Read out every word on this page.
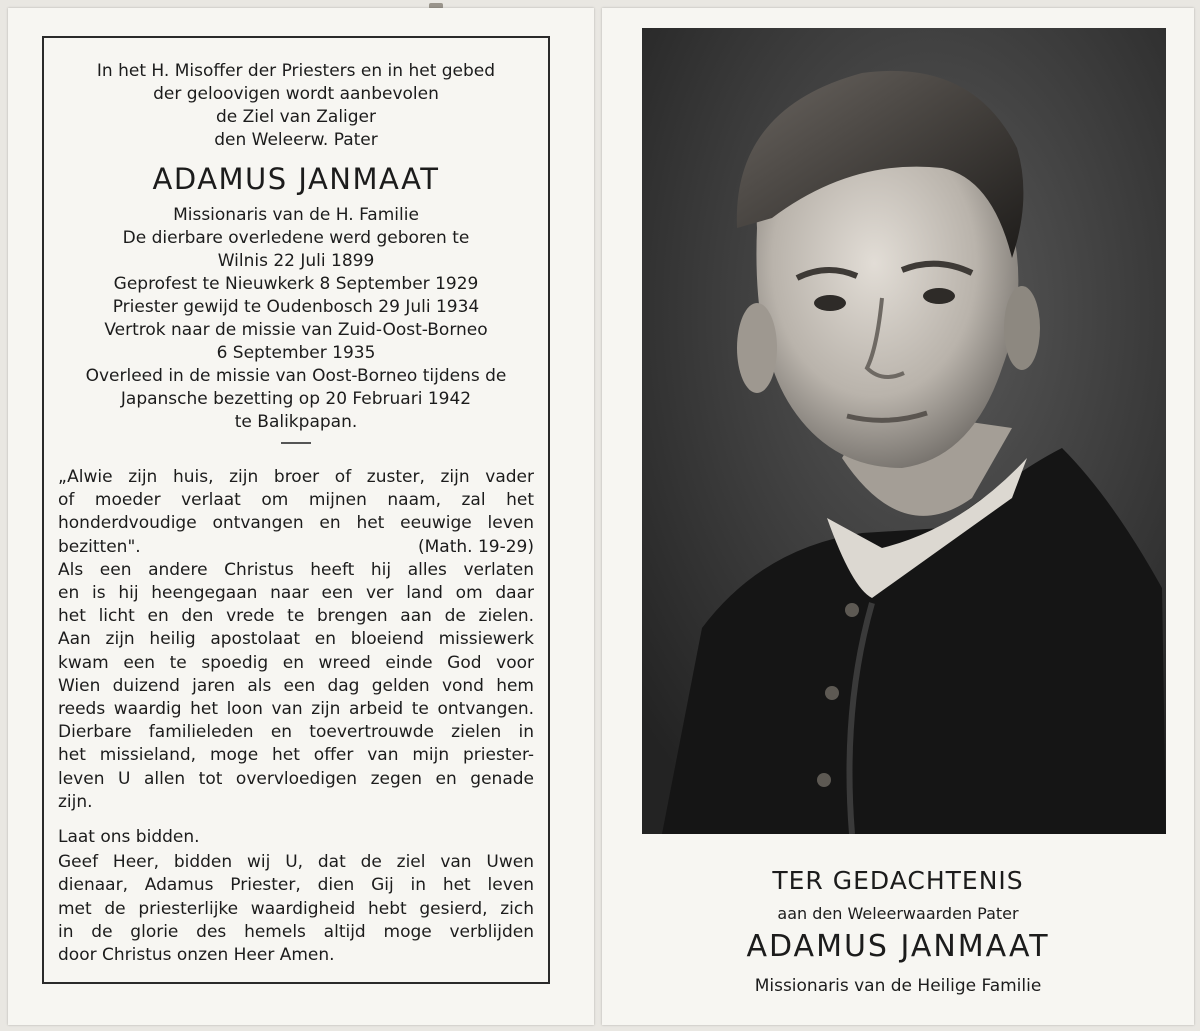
In het H. Misoffer der Priesters en in het gebed

der geloovigen wordt aanbevolen

de Ziel van Zaliger

den Weleerw. Pater

ADAMUS JANMAAT

Missionaris van de H. Familie

De dierbare overledene werd geboren te

Wilnis 22 Juli 1899

Geprofest te Nieuwkerk 8 September 1929

Priester gewijd te Oudenbosch 29 Juli 1934

Vertrok naar de missie van Zuid-Oost-Borneo

6 September 1935

Overleed in de missie van Oost-Borneo tijdens de

Japansche bezetting op 20 Februari 1942

te Balikpapan.

„Alwie zijn huis, zijn broer of zuster, zijn vader
of moeder verlaat om mijnen naam, zal het
honderdvoudige ontvangen en het eeuwige leven
bezitten".	(Math. 19-29)
Als een andere Christus heeft hij alles verlaten
en is hij heengegaan naar een ver land om daar
het licht en den vrede te brengen aan de zielen.
Aan zijn heilig apostolaat en bloeiend missiewerk
kwam een te spoedig en wreed einde God voor
Wien duizend jaren als een dag gelden vond hem
reeds waardig het loon van zijn arbeid te ontvangen.
Dierbare familieleden en toevertrouwde zielen in
het missieland, moge het offer van mijn priester-
leven U allen tot overvloedigen zegen en genade
zijn.
Laat ons bidden.
Geef Heer, bidden wij U, dat de ziel van Uwen
dienaar, Adamus Priester, dien Gij in het leven
met de priesterlijke waardigheid hebt gesierd, zich
in de glorie des hemels altijd moge verblijden
door Christus onzen Heer Amen.
TER GEDACHTENIS
aan den Weleerwaarden Pater
ADAMUS JANMAAT
Missionaris van de Heilige Familie
